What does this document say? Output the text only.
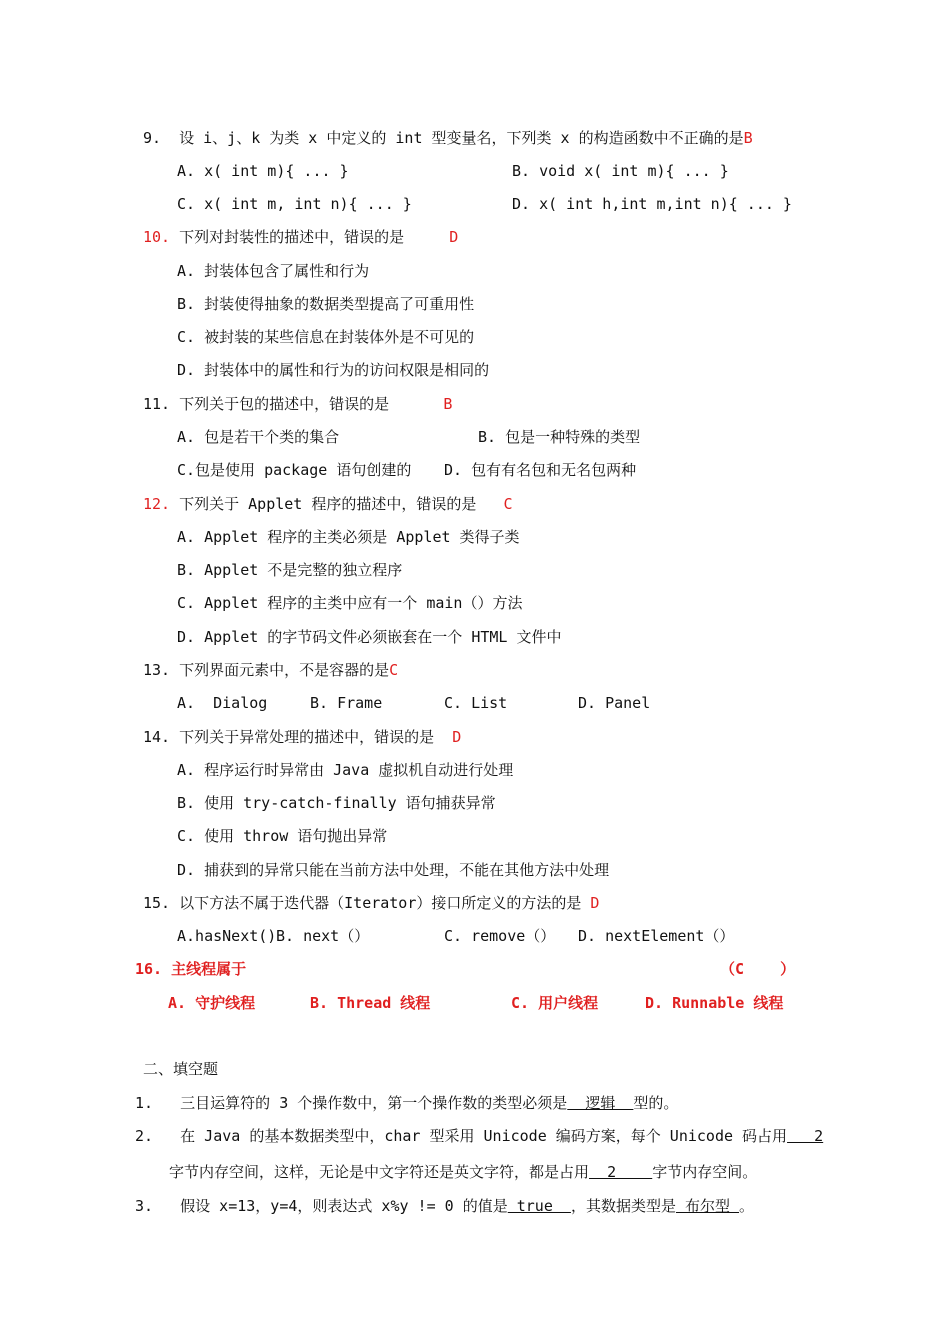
9. 设 i、j、k 为类 x 中定义的 int 型变量名，下列类 x 的构造函数中不正确的是B
A. x( int m){ ... }	B. void x( int m){ ... }
C. x( int m, int n){ ... }	D. x( int h,int m,int n){ ... }
10. 下列对封装性的描述中，错误的是	D
A. 封装体包含了属性和行为
B. 封装使得抽象的数据类型提高了可重用性
C. 被封装的某些信息在封装体外是不可见的
D. 封装体中的属性和行为的访问权限是相同的
11. 下列关于包的描述中，错误的是	B
A. 包是若干个类的集合	B. 包是一种特殊的类型
C.包是使用 package 语句创建的 D. 包有有名包和无名包两种
12. 下列关于 Applet 程序的描述中，错误的是 C
A. Applet 程序的主类必须是 Applet 类得子类
B. Applet 不是完整的独立程序
C. Applet 程序的主类中应有一个 main（）方法
D. Applet 的字节码文件必须嵌套在一个 HTML 文件中
13. 下列界面元素中，不是容器的是C
A.  Dialog	B. Frame	C. List	D. Panel
14. 下列关于异常处理的描述中，错误的是 D
A. 程序运行时异常由 Java 虚拟机自动进行处理
B. 使用 try-catch-finally 语句捕获异常
C. 使用 throw 语句抛出异常
D. 捕获到的异常只能在当前方法中处理，不能在其他方法中处理
15. 以下方法不属于迭代器（Iterator）接口所定义的方法的是 D
A.hasNext() B. next（）	C. remove（） D. nextElement（）
16. 主线程属于	（C    ）
A. 守护线程	B. Thread 线程	C. 用户线程	D. Runnable 线程
二、填空题
1. 三目运算符的 3 个操作数中，第一个操作数的类型必须是  逻辑  型的。
2. 在 Java 的基本数据类型中，char 型采用 Unicode 编码方案，每个 Unicode 码占用   2
字节内存空间，这样，无论是中文字符还是英文字符，都是占用  2    字节内存空间。
3. 假设 x=13，y=4，则表达式 x%y != 0 的值是 true  ，其数据类型是 布尔型 。
